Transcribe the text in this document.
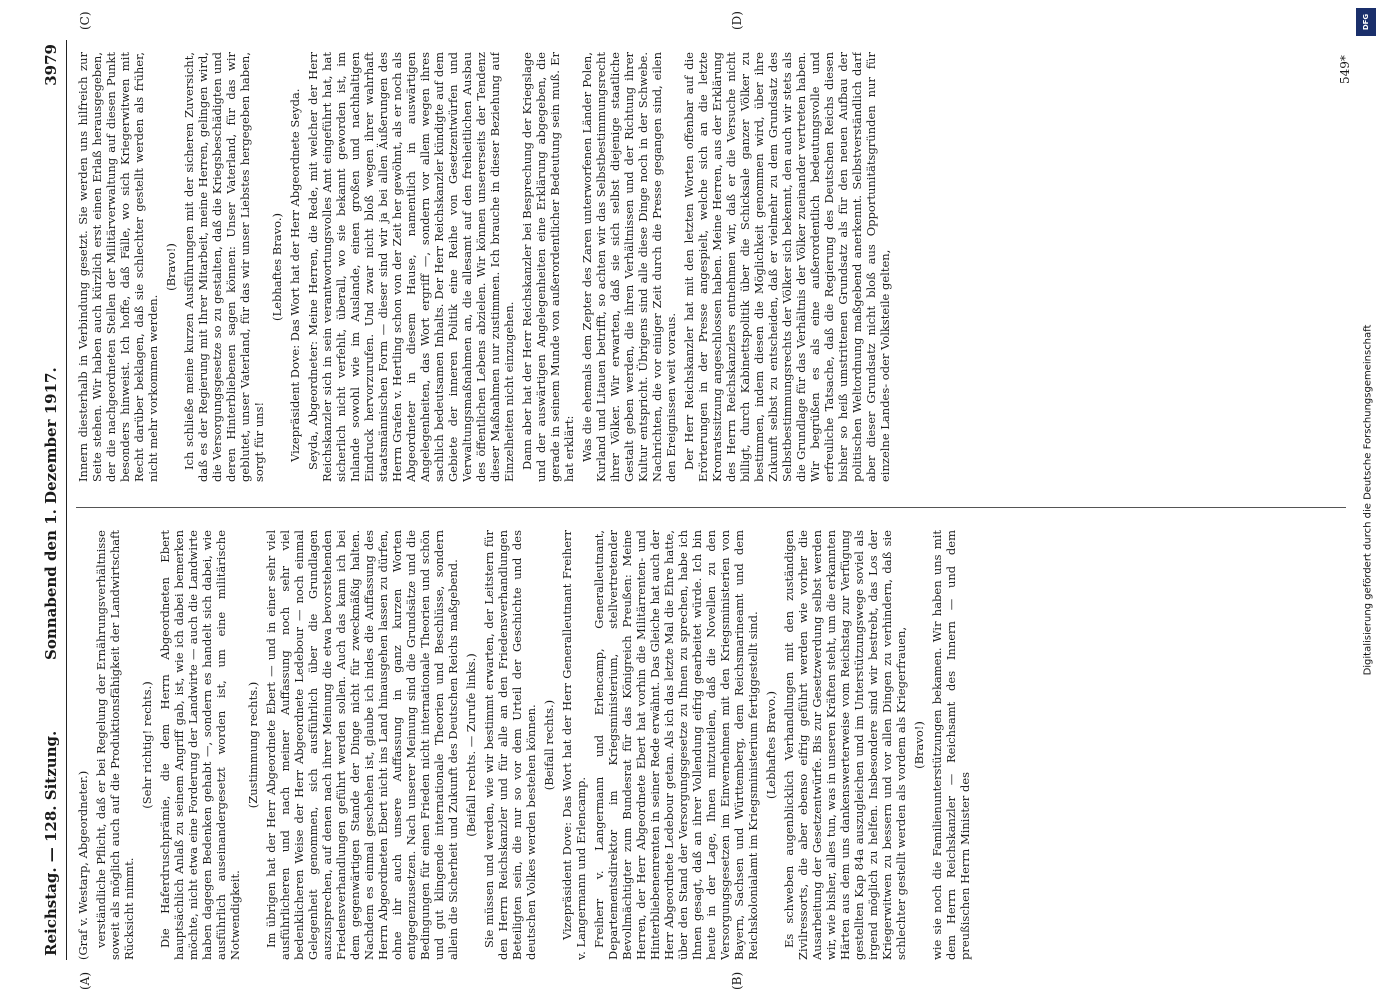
Reichstag. — 128. Sitzung.
Sonnabend den 1. Dezember 1917.
3979
(A)	(B)
(C)	(D)

(Graf v. Westarp, Abgeordneter.) verständliche Pflicht, daß er bei Regelung der Ernährungsverhältnisse soweit als möglich auch auf die Produktionsfähigkeit der Landwirtschaft Rücksicht nimmt.

(Sehr richtig! rechts.) Die Haferdruschprämie, die dem Herrn Abgeordneten Ebert hauptsächlich Anlaß zu seinem Angriff gab, ist, wie ich dabei bemerken möchte, nicht etwa eine Forderung der Landwirte — auch die Landwirte haben dagegen Bedenken gehabt —, sondern es handelt sich dabei, wie ausführlich auseinandergesetzt worden ist, um eine militärische Notwendigkeit.

(Zustimmung rechts.) Im übrigen hat der Herr Abgeordnete Ebert — und in einer sehr viel ausführlicheren und nach meiner Auffassung noch sehr viel bedenklicheren Weise der Herr Abgeordnete Ledebour — noch einmal Gelegenheit genommen, sich ausführlich über die Grundlagen auszusprechen, auf denen nach ihrer Meinung die etwa bevorstehenden Friedensverhandlungen geführt werden sollen. Auch das kann ich bei dem gegenwärtigen Stande der Dinge nicht für zweckmäßig halten. Nachdem es einmal geschehen ist, glaube ich indes die Auffassung des Herrn Abgeordneten Ebert nicht ins Land hinausgehen lassen zu dürfen, ohne ihr auch unsere Auffassung in ganz kurzen Worten entgegenzusetzen. Nach unserer Meinung sind die Grundsätze und die Bedingungen für einen Frieden nicht internationale Theorien und schön und gut klingende internationale Theorien und Beschlüsse, sondern allein die Sicherheit und Zukunft des Deutschen Reichs maßgebend. (Beifall rechts. — Zurufe links.) Sie müssen und werden, wie wir bestimmt erwarten, der Leitstern für den Herrn Reichskanzler und für alle an den Friedensverhandlungen Beteiligten sein, die nur so vor dem Urteil der Geschichte und des deutschen Volkes werden bestehen können. (Beifall rechts.) Vizepräsident Dove: Das Wort hat der Herr Generalleutnant Freiherr v. Langermann und Erlencamp. Freiherr v. Langermann und Erlencamp, Generalleutnant, Departementsdirektor im Kriegsministerium, stellvertretender Bevollmächtigter zum Bundesrat für das Königreich Preußen: Meine Herren, der Herr Abgeordnete Ebert hat vorhin die Militärrenten- und Hinterbliebenenrenten in seiner Rede erwähnt. Das Gleiche hat auch der Herr Abgeordnete Ledebour getan. Als ich das letzte Mal die Ehre hatte, über den Stand der Versorgungsgesetze zu Ihnen zu sprechen, habe ich Ihnen gesagt, daß an ihrer Vollendung eifrig gearbeitet würde. Ich bin heute in der Lage, Ihnen mitzuteilen, daß die Novellen zu den Versorgungsgesetzen im Einvernehmen mit den Kriegsministerien von Bayern, Sachsen und Württemberg, dem Reichsmarineamt und dem Reichskolonialamt im Kriegsministerium fertiggestellt sind. (Lebhaftes Bravo.) Es schweben augenblicklich Verhandlungen mit den zuständigen Zivilressorts, die aber ebenso eifrig geführt werden wie vorher die Ausarbeitung der Gesetzentwürfe. Bis zur Gesetzwerdung selbst werden wir, wie bisher, alles tun, was in unseren Kräften steht, um die erkannten Härten aus dem uns dankenswerterweise vom Reichstag zur Verfügung gestellten Kap 84a auszugleichen und im Unterstützungswege soviel als irgend möglich zu helfen. Insbesondere sind wir bestrebt, das Los der Kriegerwitwen zu bessern und vor allen Dingen zu verhindern, daß sie schlechter gestellt werden als vordem als Kriegerfrauen, (Bravo!) wie sie noch die Familienunterstützungen bekamen. Wir haben uns mit dem Herrn Reichskanzler — Reichsamt des Innern — und dem preußischen Herrn Minister des

Innern diesterhalb in Verbindung gesetzt. Sie werden uns hilfreich zur Seite stehen. Wir haben auch kürzlich erst einen Erlaß herausgegeben, der die nachgeordneten Stellen der Militärverwaltung auf diesen Punkt besonders hinweist. Ich hoffe, daß Fälle, wo sich Kriegerwitwen mit Recht darüber beklagen, daß sie schlechter gestellt werden als früher, nicht mehr vorkommen werden.

(Bravo!) Ich schließe meine kurzen Ausführungen mit der sicheren Zuversicht, daß es der Regierung mit Ihrer Mitarbeit, meine Herren, gelingen wird, die Versorgungsgesetze so zu gestalten, daß die Kriegsbeschädigten und deren Hinterbliebenen sagen können: Unser Vaterland, für das wir geblutet, unser Vaterland, für das wir unser Liebstes hergegeben haben, sorgt für uns!

(Lebhaftes Bravo.) Vizepräsident Dove: Das Wort hat der Herr Abgeordnete Seyda. Seyda, Abgeordneter: Meine Herren, die Rede, mit welcher der Herr Reichskanzler sich in sein verantwortungsvolles Amt eingeführt hat, hat sicherlich nicht verfehlt, überall, wo sie bekannt geworden ist, im Inlande sowohl wie im Auslande, einen großen und nachhaltigen Eindruck hervorzurufen. Und zwar nicht bloß wegen ihrer wahrhaft staatsmännischen Form — dieser sind wir ja bei allen Äußerungen des Herrn Grafen v. Hertling schon von der Zeit her gewöhnt, als er noch als Abgeordneter in diesem Hause, namentlich in auswärtigen Angelegenheiten, das Wort ergriff —, sondern vor allem wegen ihres sachlich bedeutsamen Inhalts. Der Herr Reichskanzler kündigte auf dem Gebiete der inneren Politik eine Reihe von Gesetzentwürfen und Verwaltungsmaßnahmen an, die allesamt auf den freiheitlichen Ausbau des öffentlichen Lebens abzielen. Wir können unsererseits der Tendenz dieser Maßnahmen nur zustimmen. Ich brauche in dieser Beziehung auf Einzelheiten nicht einzugehen. Dann aber hat der Herr Reichskanzler bei Besprechung der Kriegslage und der auswärtigen Angelegenheiten eine Erklärung abgegeben, die gerade in seinem Munde von außerordentlicher Bedeutung sein muß. Er hat erklärt: Was die ehemals dem Zepter des Zaren unterworfenen Länder Polen, Kurland und Litauen betrifft, so achten wir das Selbstbestimmungsrecht ihrer Völker. Wir erwarten, daß sie sich selbst diejenige staatliche Gestalt geben werden, die ihren Verhältnissen und der Richtung ihrer Kultur entspricht. Übrigens sind alle diese Dinge noch in der Schwebe. Nachrichten, die vor einiger Zeit durch die Presse gegangen sind, eilen den Ereignissen weit voraus. Der Herr Reichskanzler hat mit den letzten Worten offenbar auf die Erörterungen in der Presse angespielt, welche sich an die letzte Kronratssitzung angeschlossen haben. Meine Herren, aus der Erklärung des Herrn Reichskanzlers entnehmen wir, daß er die Versuche nicht billigt, durch Kabinettspolitik über die Schicksale ganzer Völker zu bestimmen, indem diesen die Möglichkeit genommen wird, über ihre Zukunft selbst zu entscheiden, daß er vielmehr zu dem Grundsatz des Selbstbestimmungsrechts der Völker sich bekennt, den auch wir stets als die Grundlage für das Verhältnis der Völker zueinander vertreten haben. Wir begrüßen es als eine außerordentlich bedeutungsvolle und erfreuliche Tatsache, daß die Regierung des Deutschen Reichs diesen bisher so heiß umstrittenen Grundsatz als für den neuen Aufbau der politischen Weltordnung maßgebend anerkennt. Selbstverständlich darf aber dieser Grundsatz nicht bloß aus Opportunitätsgründen nur für einzelne Landes- oder Volksteile gelten,

549*
DFG
Digitalisierung gefördert durch die Deutsche Forschungsgemeinschaft
